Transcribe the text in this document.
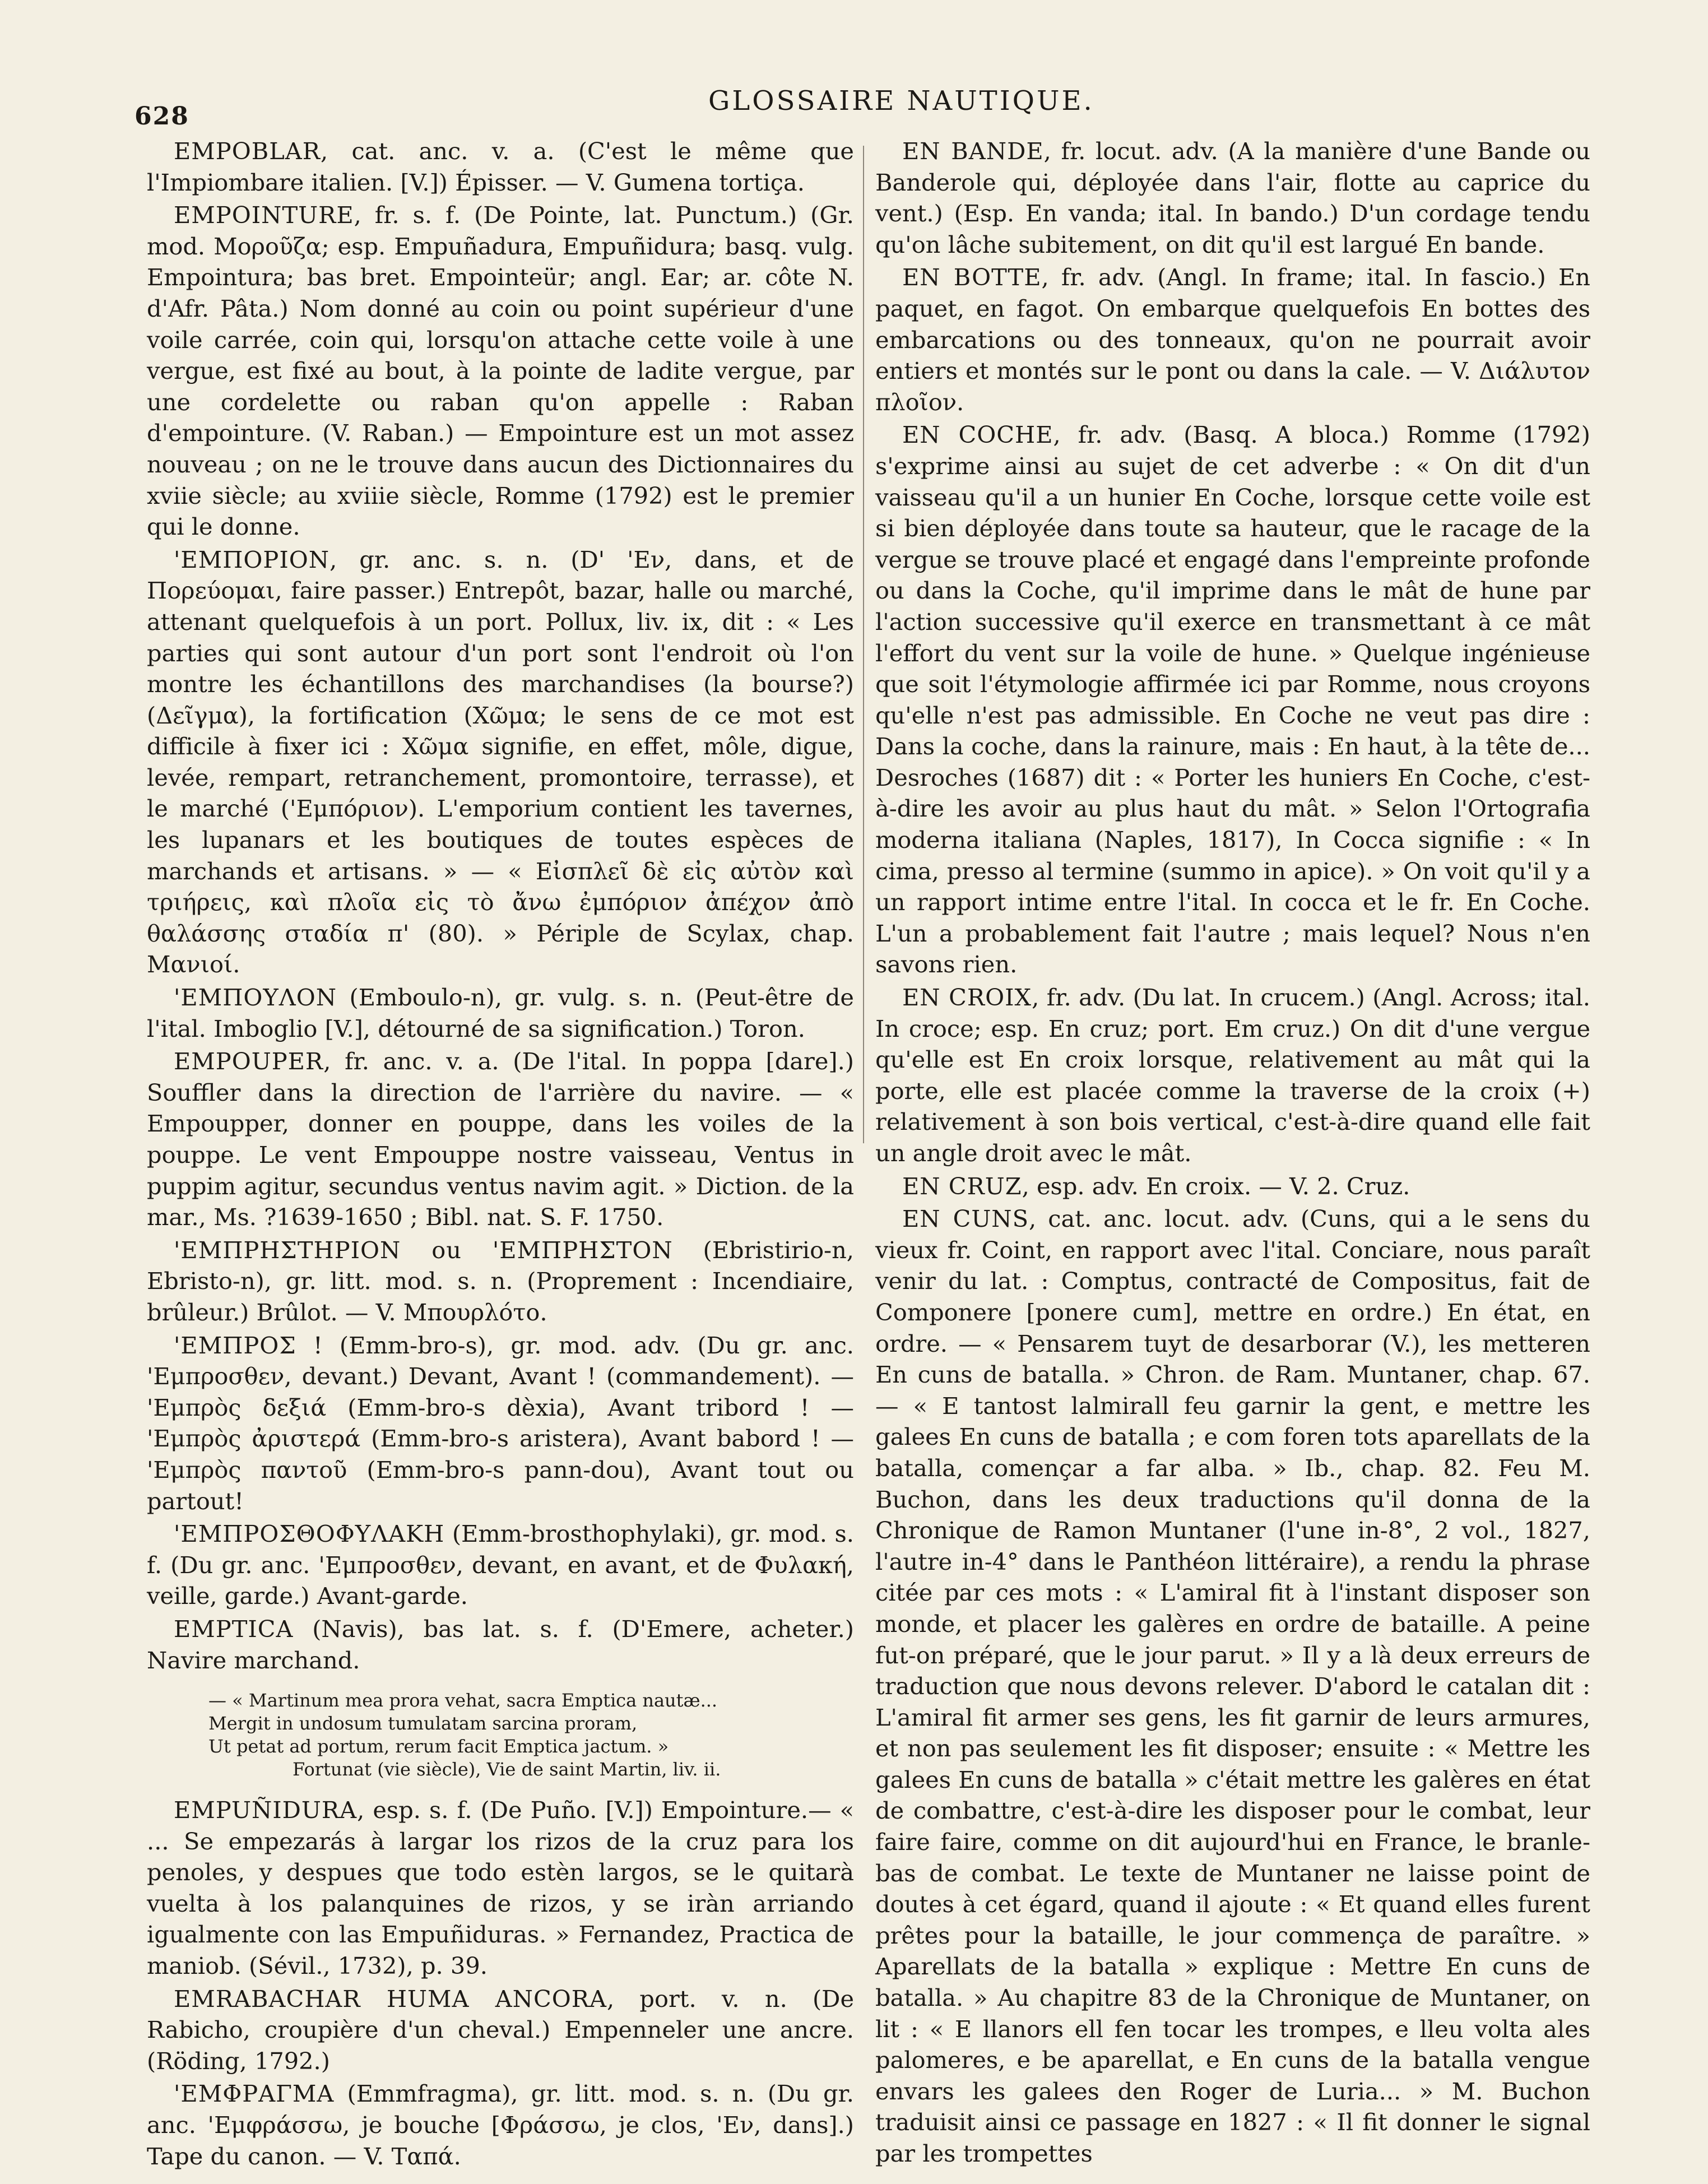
628	GLOSSAIRE NAUTIQUE.

EMPOBLAR, cat. anc. v. a. (C'est le même que l'Impiombare italien. [V.]) Épisser. — V. Gumena tortiça.

EMPOINTURE, fr. s. f. (De Pointe, lat. Punctum.) (Gr. mod. Μοροῦζα; esp. Empuñadura, Empuñidura; basq. vulg. Empointura; bas bret. Empointeür; angl. Ear; ar. côte N. d'Afr. Pâta.) Nom donné au coin ou point supérieur d'une voile carrée, coin qui, lorsqu'on attache cette voile à une vergue, est fixé au bout, à la pointe de ladite vergue, par une cordelette ou raban qu'on appelle : Raban d'empointure. (V. Raban.) — Empointure est un mot assez nouveau ; on ne le trouve dans aucun des Dictionnaires du xviie siècle; au xviiie siècle, Romme (1792) est le premier qui le donne.

'ΕΜΠΟΡΙΟΝ, gr. anc. s. n. (D' 'Εν, dans, et de Πορεύομαι, faire passer.) Entrepôt, bazar, halle ou marché, attenant quelquefois à un port. Pollux, liv. ix, dit : « Les parties qui sont autour d'un port sont l'endroit où l'on montre les échantillons des marchandises (la bourse?) (Δεῖγμα), la fortification (Χῶμα; le sens de ce mot est difficile à fixer ici : Χῶμα signifie, en effet, môle, digue, levée, rempart, retranchement, promontoire, terrasse), et le marché ('Εμπόριον). L'emporium contient les tavernes, les lupanars et les boutiques de toutes espèces de marchands et artisans. » — « Εἰσπλεῖ δὲ εἰς αὐτὸν καὶ τριήρεις, καὶ πλοῖα εἰς τὸ ἄνω ἐμπόριον ἀπέχον ἀπὸ θαλάσσης σταδία π' (80). » Périple de Scylax, chap. Μανιοί.

'ΕΜΠΟΥΛΟΝ (Emboulo-n), gr. vulg. s. n. (Peut-être de l'ital. Imboglio [V.], détourné de sa signification.) Toron.

EMPOUPER, fr. anc. v. a. (De l'ital. In poppa [dare].) Souffler dans la direction de l'arrière du navire. — « Empoupper, donner en pouppe, dans les voiles de la pouppe. Le vent Empouppe nostre vaisseau, Ventus in puppim agitur, secundus ventus navim agit. » Diction. de la mar., Ms. ?1639-1650 ; Bibl. nat. S. F. 1750.

'ΕΜΠΡΗΣΤΗΡΙΟΝ ou 'ΕΜΠΡΗΣΤΟΝ (Ebristirio-n, Ebristo-n), gr. litt. mod. s. n. (Proprement : Incendiaire, brûleur.) Brûlot. — V. Μπουρλότο.

'ΕΜΠΡΟΣ ! (Emm-bro-s), gr. mod. adv. (Du gr. anc. 'Εμπροσθεν, devant.) Devant, Avant ! (commandement). — 'Εμπρὸς δεξιά (Emm-bro-s dèxia), Avant tribord ! — 'Εμπρὸς ἀριστερά (Emm-bro-s aristera), Avant babord ! — 'Εμπρὸς παντοῦ (Emm-bro-s pann-dou), Avant tout ou partout!

'ΕΜΠΡΟΣΘΟΦΥΛΑΚΗ (Emm-brosthophylaki), gr. mod. s. f. (Du gr. anc. 'Εμπροσθεν, devant, en avant, et de Φυλακή, veille, garde.) Avant-garde.

EMPTICA (Navis), bas lat. s. f. (D'Emere, acheter.) Navire marchand.

— « Martinum mea prora vehat, sacra Emptica nautæ...

Mergit in undosum tumulatam sarcina proram,

Ut petat ad portum, rerum facit Emptica jactum. »

Fortunat (vie siècle), Vie de saint Martin, liv. ii.

EMPUÑIDURA, esp. s. f. (De Puño. [V.]) Empointure.— « ... Se empezarás à largar los rizos de la cruz para los penoles, y despues que todo estèn largos, se le quitarà vuelta à los palanquines de rizos, y se iràn arriando igualmente con las Empuñiduras. » Fernandez, Practica de maniob. (Sévil., 1732), p. 39.

EMRABACHAR HUMA ANCORA, port. v. n. (De Rabicho, croupière d'un cheval.) Empenneler une ancre. (Röding, 1792.)

'ΕΜΦΡΑΓΜΑ (Emmfragma), gr. litt. mod. s. n. (Du gr. anc. 'Εμφράσσω, je bouche [Φράσσω, je clos, 'Εν, dans].) Tape du canon. — V. Ταπά.

EN BANDE, fr. locut. adv. (A la manière d'une Bande ou Banderole qui, déployée dans l'air, flotte au caprice du vent.) (Esp. En vanda; ital. In bando.) D'un cordage tendu qu'on lâche subitement, on dit qu'il est largué En bande.

EN BOTTE, fr. adv. (Angl. In frame; ital. In fascio.) En paquet, en fagot. On embarque quelquefois En bottes des embarcations ou des tonneaux, qu'on ne pourrait avoir entiers et montés sur le pont ou dans la cale. — V. Διάλυτον πλοῖον.

EN COCHE, fr. adv. (Basq. A bloca.) Romme (1792) s'exprime ainsi au sujet de cet adverbe : « On dit d'un vaisseau qu'il a un hunier En Coche, lorsque cette voile est si bien déployée dans toute sa hauteur, que le racage de la vergue se trouve placé et engagé dans l'empreinte profonde ou dans la Coche, qu'il imprime dans le mât de hune par l'action successive qu'il exerce en transmettant à ce mât l'effort du vent sur la voile de hune. » Quelque ingénieuse que soit l'étymologie affirmée ici par Romme, nous croyons qu'elle n'est pas admissible. En Coche ne veut pas dire : Dans la coche, dans la rainure, mais : En haut, à la tête de... Desroches (1687) dit : « Porter les huniers En Coche, c'est-à-dire les avoir au plus haut du mât. » Selon l'Ortografia moderna italiana (Naples, 1817), In Cocca signifie : « In cima, presso al termine (summo in apice). » On voit qu'il y a un rapport intime entre l'ital. In cocca et le fr. En Coche. L'un a probablement fait l'autre ; mais lequel? Nous n'en savons rien.

EN CROIX, fr. adv. (Du lat. In crucem.) (Angl. Across; ital. In croce; esp. En cruz; port. Em cruz.) On dit d'une vergue qu'elle est En croix lorsque, relativement au mât qui la porte, elle est placée comme la traverse de la croix (+) relativement à son bois vertical, c'est-à-dire quand elle fait un angle droit avec le mât.

EN CRUZ, esp. adv. En croix. — V. 2. Cruz.

EN CUNS, cat. anc. locut. adv. (Cuns, qui a le sens du vieux fr. Coint, en rapport avec l'ital. Conciare, nous paraît venir du lat. : Comptus, contracté de Compositus, fait de Componere [ponere cum], mettre en ordre.) En état, en ordre. — « Pensarem tuyt de desarborar (V.), les metteren En cuns de batalla. » Chron. de Ram. Muntaner, chap. 67. — « E tantost lalmirall feu garnir la gent, e mettre les galees En cuns de batalla ; e com foren tots aparellats de la batalla, començar a far alba. » Ib., chap. 82. Feu M. Buchon, dans les deux traductions qu'il donna de la Chronique de Ramon Muntaner (l'une in-8°, 2 vol., 1827, l'autre in-4° dans le Panthéon littéraire), a rendu la phrase citée par ces mots : « L'amiral fit à l'instant disposer son monde, et placer les galères en ordre de bataille. A peine fut-on préparé, que le jour parut. » Il y a là deux erreurs de traduction que nous devons relever. D'abord le catalan dit : L'amiral fit armer ses gens, les fit garnir de leurs armures, et non pas seulement les fit disposer; ensuite : « Mettre les galees En cuns de batalla » c'était mettre les galères en état de combattre, c'est-à-dire les disposer pour le combat, leur faire faire, comme on dit aujourd'hui en France, le branle-bas de combat. Le texte de Muntaner ne laisse point de doutes à cet égard, quand il ajoute : « Et quand elles furent prêtes pour la bataille, le jour commença de paraître. » Aparellats de la batalla » explique : Mettre En cuns de batalla. » Au chapitre 83 de la Chronique de Muntaner, on lit : « E llanors ell fen tocar les trompes, e lleu volta ales palomeres, e be aparellat, e En cuns de la batalla vengue envars les galees den Roger de Luria... » M. Buchon traduisit ainsi ce passage en 1827 : « Il fit donner le signal par les trompettes
